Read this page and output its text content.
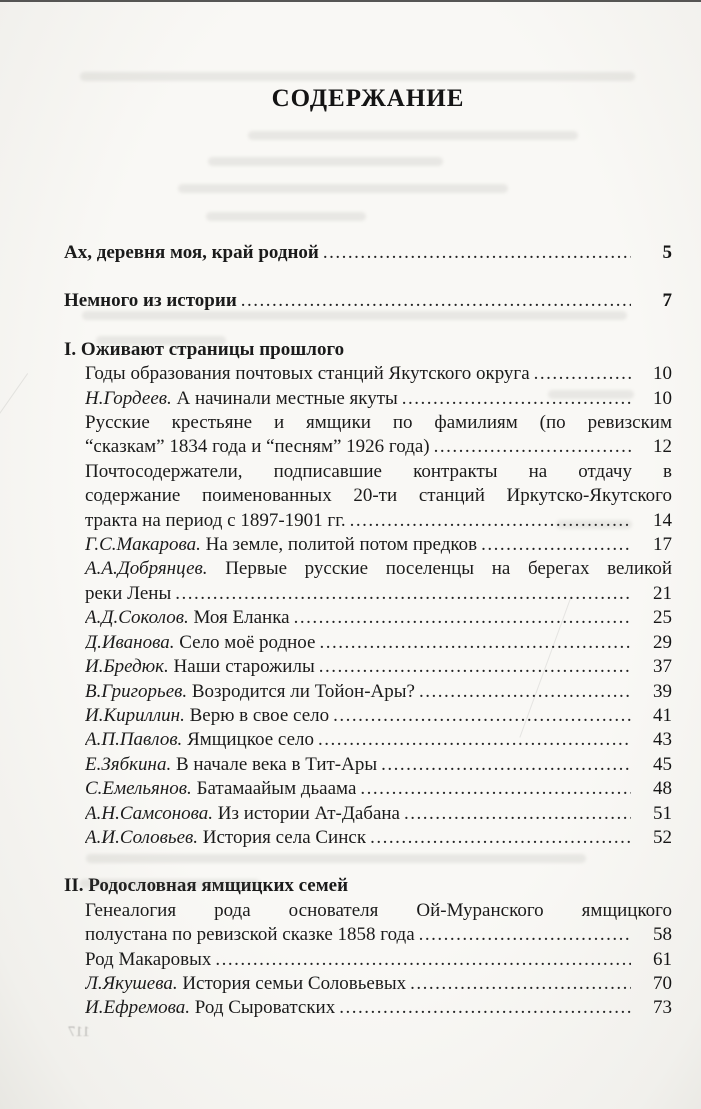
СОДЕРЖАНИЕ
Ах, деревня моя, край родной .....	5
Немного из истории .....	7
I. Оживают страницы прошлого
Годы образования почтовых станций Якутского округа .....	10
Н.Гордеев. А начинали местные якуты .....	10
Русские крестьяне и ямщики по фамилиям (по ревизским
“сказкам” 1834 года и “песням” 1926 года) .....	12
Почтосодержатели, подписавшие контракты на отдачу в
содержание поименованных 20-ти станций Иркутско-Якутского
тракта на период с 1897-1901 гг. .....	14
Г.С.Макарова. На земле, политой потом предков .....	17
А.А.Добрянцев. Первые русские поселенцы на берегах великой
реки Лены .....	21
А.Д.Соколов. Моя Еланка .....	25
Д.Иванова. Село моё родное .....	29
И.Бредюк. Наши старожилы .....	37
В.Григорьев. Возродится ли Тойон-Ары? .....	39
И.Кириллин. Верю в свое село .....	41
А.П.Павлов. Ямщицкое село .....	43
Е.Зябкина. В начале века в Тит-Ары .....	45
С.Емельянов. Батамаайым дьаама .....	48
А.Н.Самсонова. Из истории Ат-Дабана .....	51
А.И.Соловьев. История села Синск .....	52
II. Родословная ямщицких семей
Генеалогия рода основателя Ой-Муранского ямщицкого
полустана по ревизской сказке 1858 года .....	58
Род Макаровых .....	61
Л.Якушева. История семьи Соловьевых .....	70
И.Ефремова. Род Сыроватских .....	73
117
